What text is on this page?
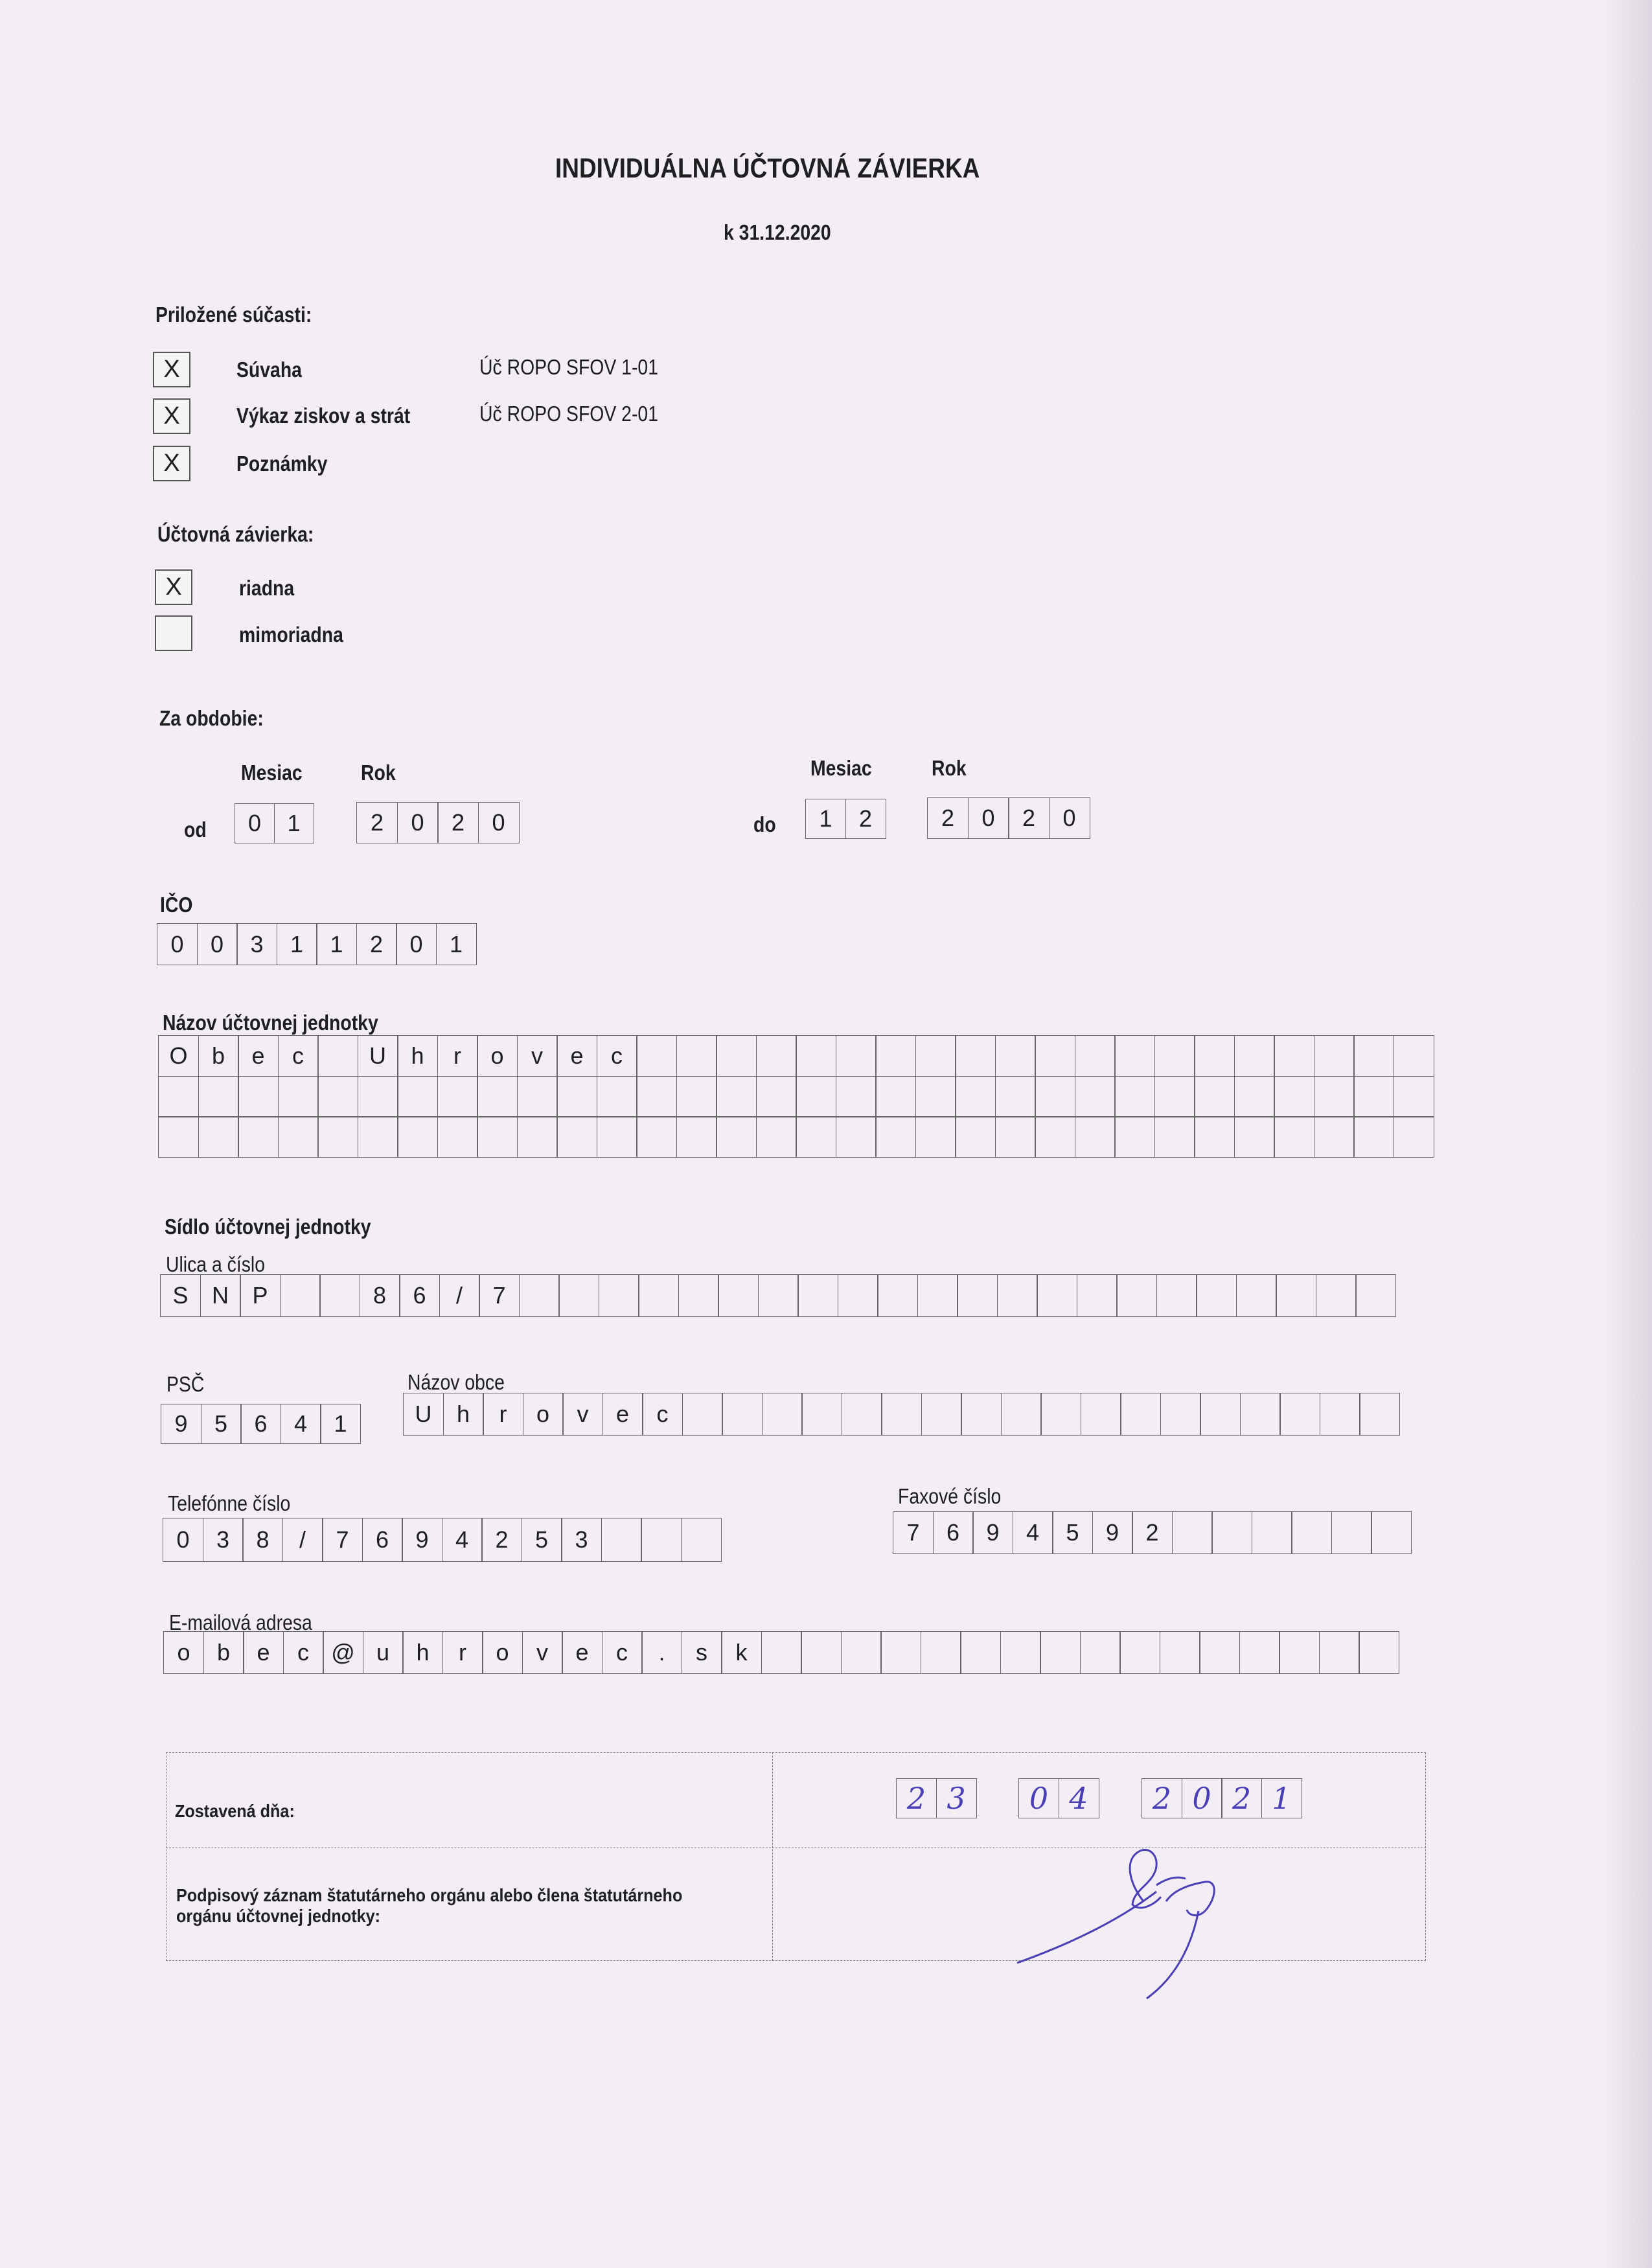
INDIVIDUÁLNA ÚČTOVNÁ ZÁVIERKA
k 31.12.2020
Priložené súčasti:
X	Súvaha	Úč ROPO SFOV 1-01
X	Výkaz ziskov a strát	Úč ROPO SFOV 2-01
X	Poznámky
Účtovná závierka:
X	riadna
mimoriadna
Za obdobie:
Mesiac	Rok	Mesiac	Rok
od	0	1	2	0	2	0	do	1	2	2	0	2	0
IČO
0	0	3	1	1	2	0	1
Názov účtovnej jednotky
O	b	e	c	U	h	r	o	v	e	c
Sídlo účtovnej jednotky
Ulica a číslo
S	N	P	8	6	/	7
PSČ
9	5	6	4	1
Názov obce
U	h	r	o	v	e	c
Telefónne číslo
0	3	8	/	7	6	9	4	2	5	3
Faxové číslo
7	6	9	4	5	9	2
E-mailová adresa
o	b	e	c @ u	h	r	o	v	e	c	.	s	k
Zostavená dňa:	2 3	0 4	2 0 2 1
Podpisový záznam štatutárneho orgánu alebo člena štatutárneho orgánu účtovnej jednotky:
